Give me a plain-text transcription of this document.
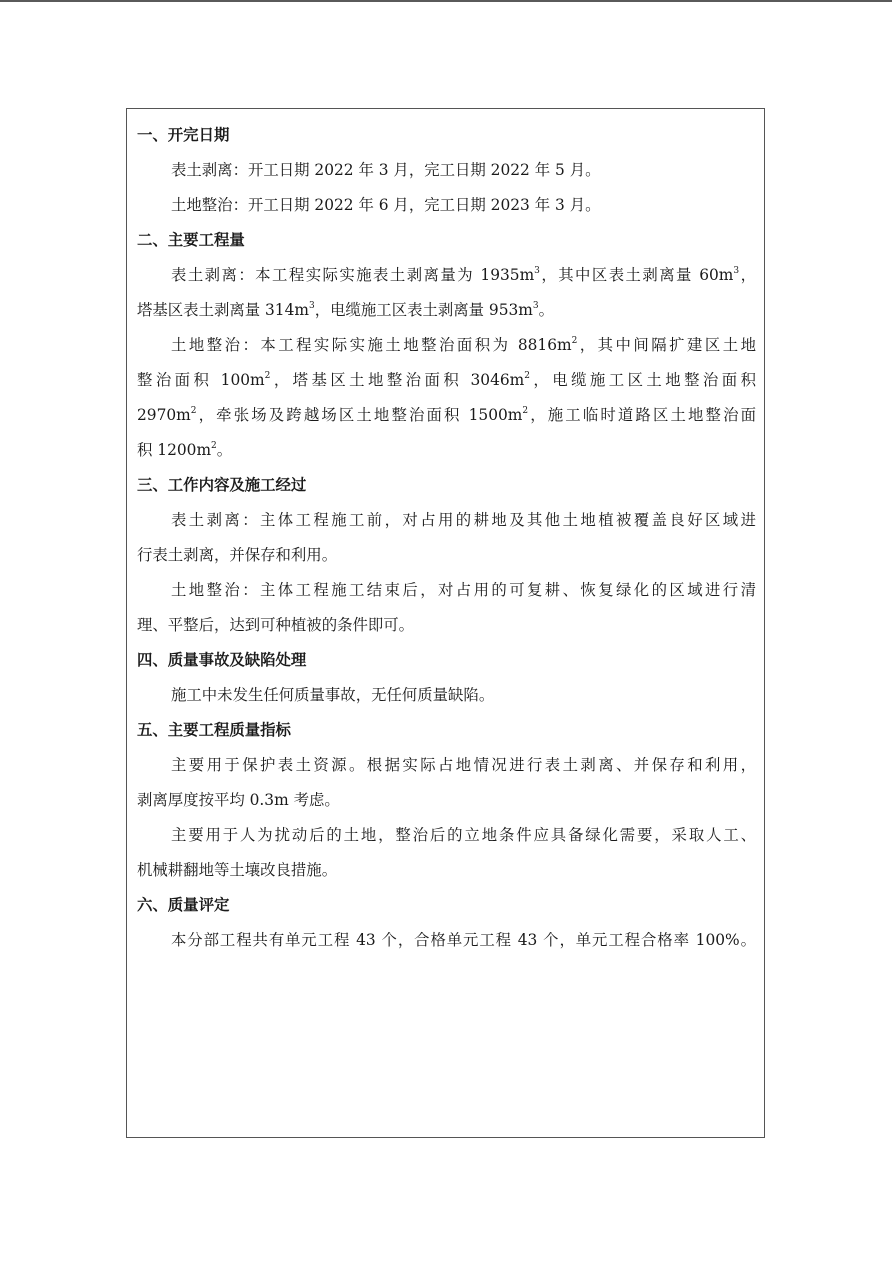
一、开完日期
表土剥离：开工日期 2022 年 3 月，完工日期 2022 年 5 月。
土地整治：开工日期 2022 年 6 月，完工日期 2023 年 3 月。
二、主要工程量
表土剥离：本工程实际实施表土剥离量为 $1935m^3$，其中区表土剥离量 $60m^3$，
塔基区表土剥离量 $314m^3$，电缆施工区表土剥离量 $953m^3$。
土地整治：本工程实际实施土地整治面积为 $8816m^2$，其中间隔扩建区土地
整治面积 $100m^2$，塔基区土地整治面积 $3046m^2$，电缆施工区土地整治面积
$2970m^2$，牵张场及跨越场区土地整治面积 $1500m^2$，施工临时道路区土地整治面
积 $1200m^2$。
三、工作内容及施工经过
表土剥离：主体工程施工前，对占用的耕地及其他土地植被覆盖良好区域进
行表土剥离，并保存和利用。
土地整治：主体工程施工结束后，对占用的可复耕、恢复绿化的区域进行清
理、平整后，达到可种植被的条件即可。
四、质量事故及缺陷处理
施工中未发生任何质量事故，无任何质量缺陷。
五、主要工程质量指标
主要用于保护表土资源。根据实际占地情况进行表土剥离、并保存和利用，
剥离厚度按平均 0.3m 考虑。
主要用于人为扰动后的土地，整治后的立地条件应具备绿化需要，采取人工、
机械耕翻地等土壤改良措施。
六、质量评定
本分部工程共有单元工程 43 个，合格单元工程 43 个，单元工程合格率 100%。
